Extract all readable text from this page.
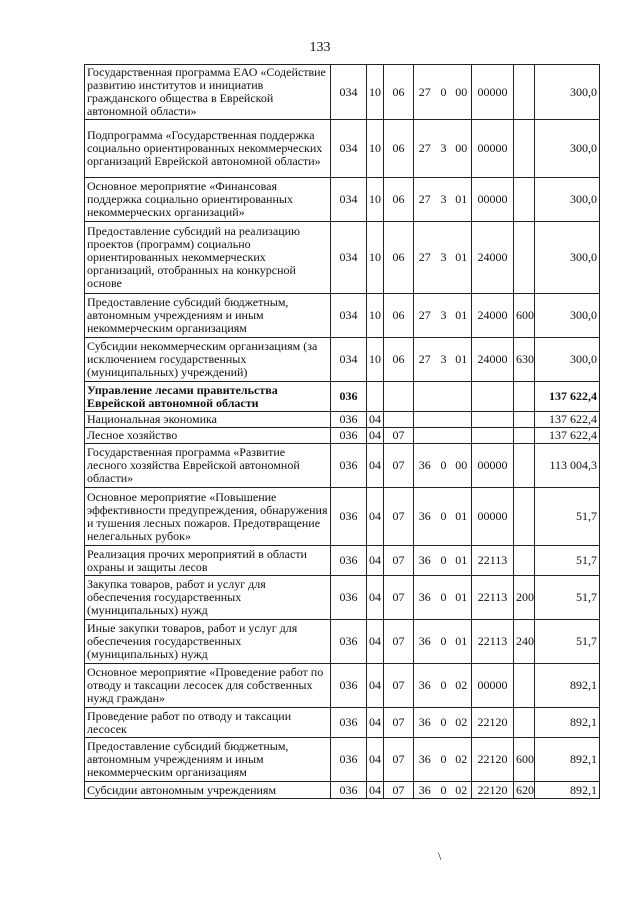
133
Государственная программа ЕАО «Содействие развитию институтов и инициатив гражданского общества в Еврейской автономной области»	034	10	06	27	0	00	00000		300,0
Подпрограмма «Государственная поддержка социально ориентированных некоммерческих организаций Еврейской автономной области»	034	10	06	27	3	00	00000		300,0
Основное мероприятие «Финансовая поддержка социально ориентированных некоммерческих организаций»	034	10	06	27	3	01	00000		300,0
Предоставление субсидий на реализацию проектов (программ) социально ориентированных некоммерческих организаций, отобранных на конкурсной основе	034	10	06	27	3	01	24000		300,0
Предоставление субсидий бюджетным, автономным учреждениям и иным некоммерческим организациям	034	10	06	27	3	01	24000	600	300,0
Субсидии некоммерческим организациям (за исключением государственных (муниципальных) учреждений)	034	10	06	27	3	01	24000	630	300,0
Управление лесами правительства Еврейской автономной области	036								137 622,4
Национальная экономика	036	04							137 622,4
Лесное хозяйство	036	04	07						137 622,4
Государственная программа «Развитие лесного хозяйства Еврейской автономной области»	036	04	07	36	0	00	00000		113 004,3
Основное мероприятие «Повышение эффективности предупреждения, обнаружения и тушения лесных пожаров. Предотвращение нелегальных рубок»	036	04	07	36	0	01	00000		51,7
Реализация прочих мероприятий в области охраны и защиты лесов	036	04	07	36	0	01	22113		51,7
Закупка товаров, работ и услуг для обеспечения государственных (муниципальных) нужд	036	04	07	36	0	01	22113	200	51,7
Иные закупки товаров, работ и услуг для обеспечения государственных (муниципальных) нужд	036	04	07	36	0	01	22113	240	51,7
Основное мероприятие «Проведение работ по отводу и таксации лесосек для собственных нужд граждан»	036	04	07	36	0	02	00000		892,1
Проведение работ по отводу и таксации лесосек	036	04	07	36	0	02	22120		892,1
Предоставление субсидий бюджетным, автономным учреждениям и иным некоммерческим организациям	036	04	07	36	0	02	22120	600	892,1
Субсидии автономным учреждениям	036	04	07	36	0	02	22120	620	892,1
\
